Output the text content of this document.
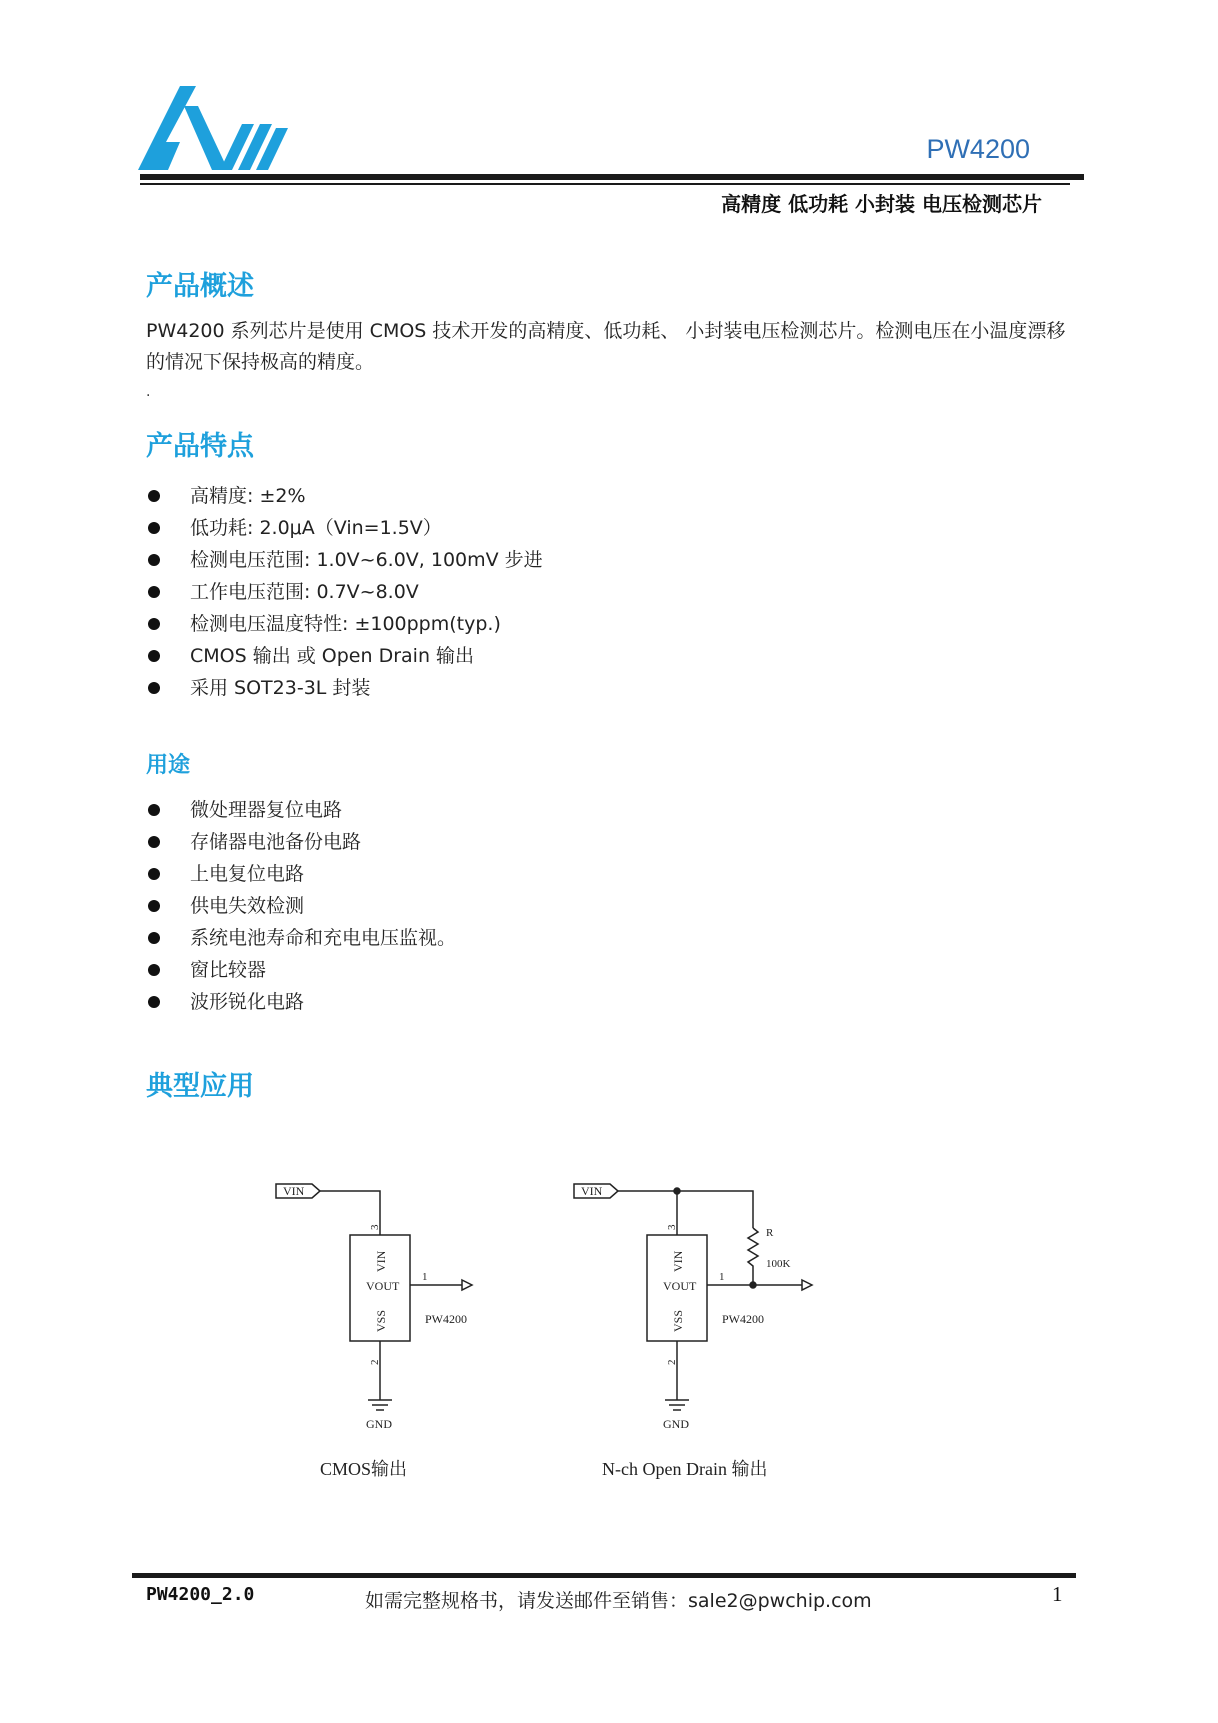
PW4200
高精度 低功耗 小封装 电压检测芯片
产品概述
PW4200 系列芯片是使用 CMOS 技术开发的高精度、低功耗、 小封装电压检测芯片。检测电压在小温度漂移的情况下保持极高的精度。
.
产品特点
高精度: ±2%
低功耗: 2.0μA（Vin=1.5V）
检测电压范围: 1.0V~6.0V, 100mV 步进
工作电压范围: 0.7V~8.0V
检测电压温度特性: ±100ppm(typ.)
CMOS 输出 或 Open Drain 输出
采用 SOT23-3L 封装
用途
微处理器复位电路
存储器电池备份电路
上电复位电路
供电失效检测
系统电池寿命和充电电压监视。
窗比较器
波形锐化电路
典型应用
VIN
3
VIN
VOUT
VSS
1
PW4200
2
GND
VIN
R
100K
3
VIN
VOUT
VSS
1
PW4200
2
GND
CMOS输出	N-ch Open Drain 输出
PW4200_2.0	如需完整规格书，请发送邮件至销售：sale2@pwchip.com	1
